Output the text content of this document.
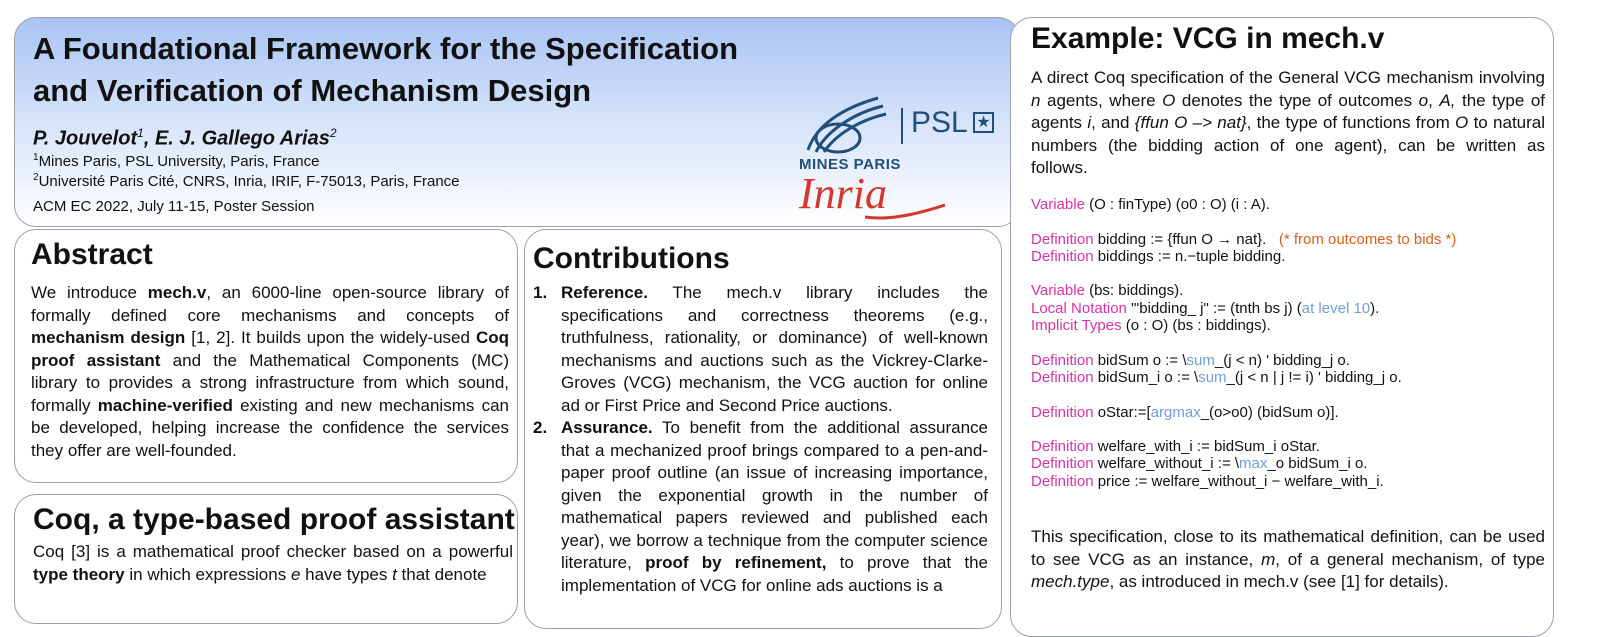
A Foundational Framework for the Specification and Verification of Mechanism Design
P. Jouvelot$^1$, E. J. Gallego Arias$^2$
$^1$Mines Paris, PSL University, Paris, France
$^2$Université Paris Cité, CNRS, Inria, IRIF, F-75013, Paris, France
ACM EC 2022, July 11-15, Poster Session
MINES PARIS
PSL ★
Inria
Abstract

We introduce mech.v, an 6000-line open-source library of formally defined core mechanisms and concepts of mechanism design [1, 2]. It builds upon the widely-used Coq proof assistant and the Mathematical Components (MC) library to provides a strong infrastructure from which sound, formally machine-verified existing and new mechanisms can be developed, helping increase the confidence the services they offer are well-founded.

Coq, a type-based proof assistant

Coq [3] is a mathematical proof checker based on a powerful type theory in which expressions e have types t that denote

Contributions
1. Reference. The mech.v library includes the specifications and correctness theorems (e.g., truthfulness, rationality, or dominance) of well-known mechanisms and auctions such as the Vickrey-Clarke-Groves (VCG) mechanism, the VCG auction for online ad or First Price and Second Price auctions.
2. Assurance. To benefit from the additional assurance that a mechanized proof brings compared to a pen-and-paper proof outline (an issue of increasing importance, given the exponential growth in the number of mathematical papers reviewed and published each year), we borrow a technique from the computer science literature, proof by refinement, to prove that the implementation of VCG for online ads auctions is a
Example: VCG in mech.v

A direct Coq specification of the General VCG mechanism involving n agents, where O denotes the type of outcomes o, A, the type of agents i, and {ffun O –> nat}, the type of functions from O to natural numbers (the bidding action of one agent), can be written as follows.

Variable (O : finType) (o0 : O) (i : A).

Definition bidding := {ffun O → nat}.   (* from outcomes to bids *)
Definition biddings := n.−tuple bidding.

Variable (bs: biddings).
Local Notation "'bidding_ j" := (tnth bs j) (at level 10).
Implicit Types (o : O) (bs : biddings).

Definition bidSum o := \sum_(j < n) ' bidding_j o.
Definition bidSum_i o := \sum_(j < n | j != i) ' bidding_j o.

Definition oStar:=[argmax_(o>o0) (bidSum o)].

Definition welfare_with_i := bidSum_i oStar.
Definition welfare_without_i := \max_o bidSum_i o.
Definition price := welfare_without_i − welfare_with_i.

This specification, close to its mathematical definition, can be used to see VCG as an instance, m, of a general mechanism, of type mech.type, as introduced in mech.v (see [1] for details).
